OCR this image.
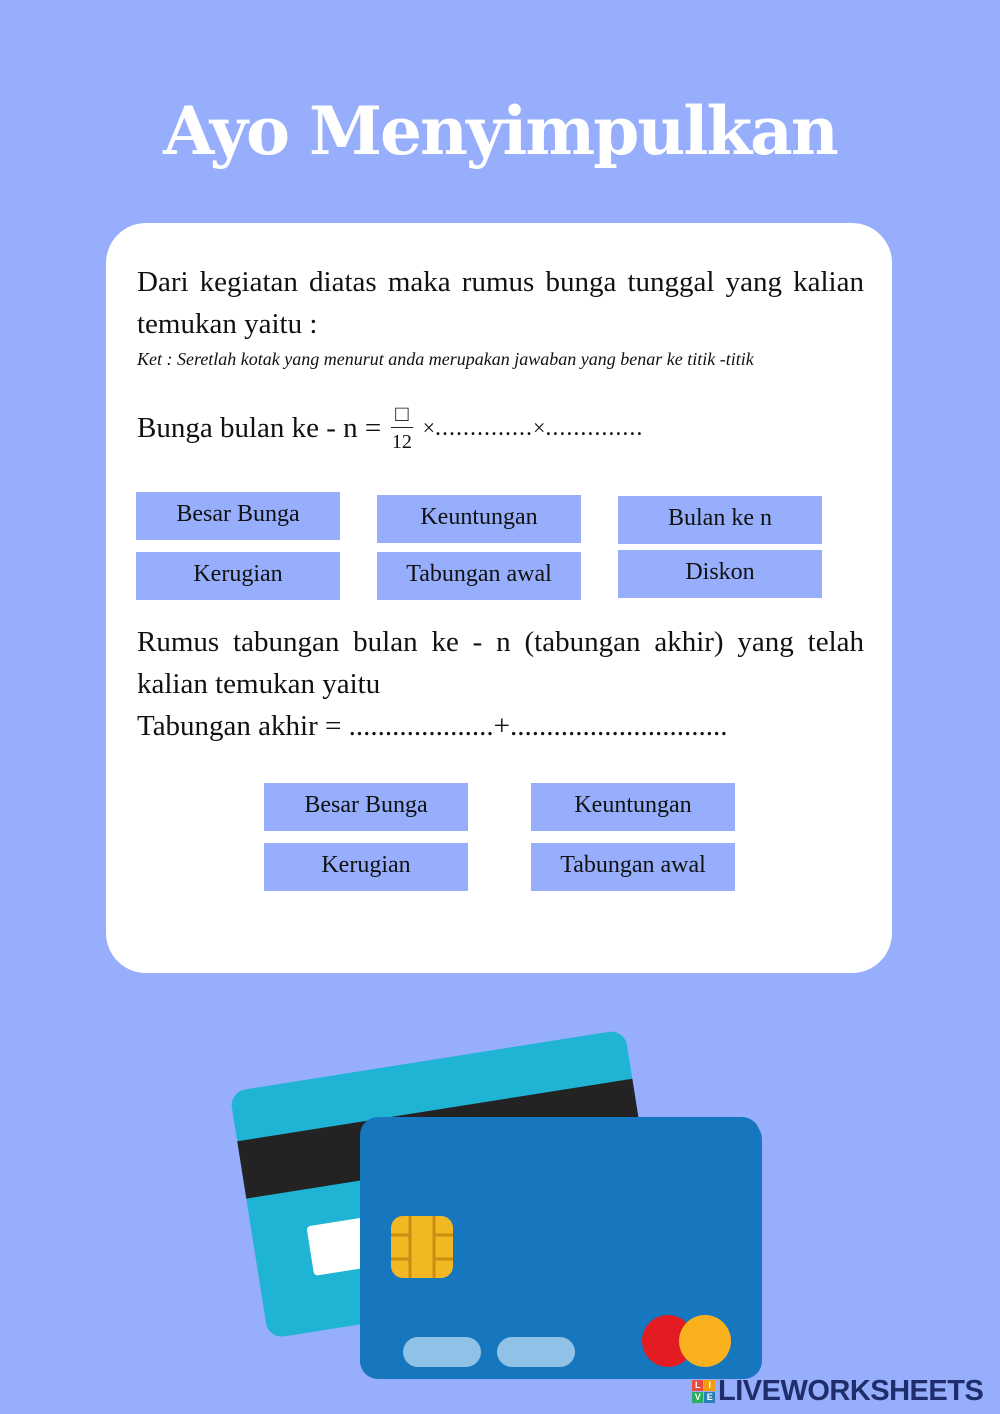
Ayo Menyimpulkan
Dari kegiatan diatas maka rumus bunga tunggal yang kalian temukan yaitu :
Ket : Seretlah kotak yang menurut anda merupakan jawaban yang benar ke titik -titik
Bunga bulan ke - $n = \frac{□}{12}$ × .............. × ..............
Besar Bunga	Keuntungan	Bulan ke n
Kerugian	Tabungan awal	Diskon
Rumus tabungan bulan ke - n (tabungan akhir) yang telah kalian temukan yaitu
Tabungan akhir = ....................+..............................
Besar Bunga	Keuntungan
Kerugian	Tabungan awal
L I
V E LIVEWORKSHEETS
